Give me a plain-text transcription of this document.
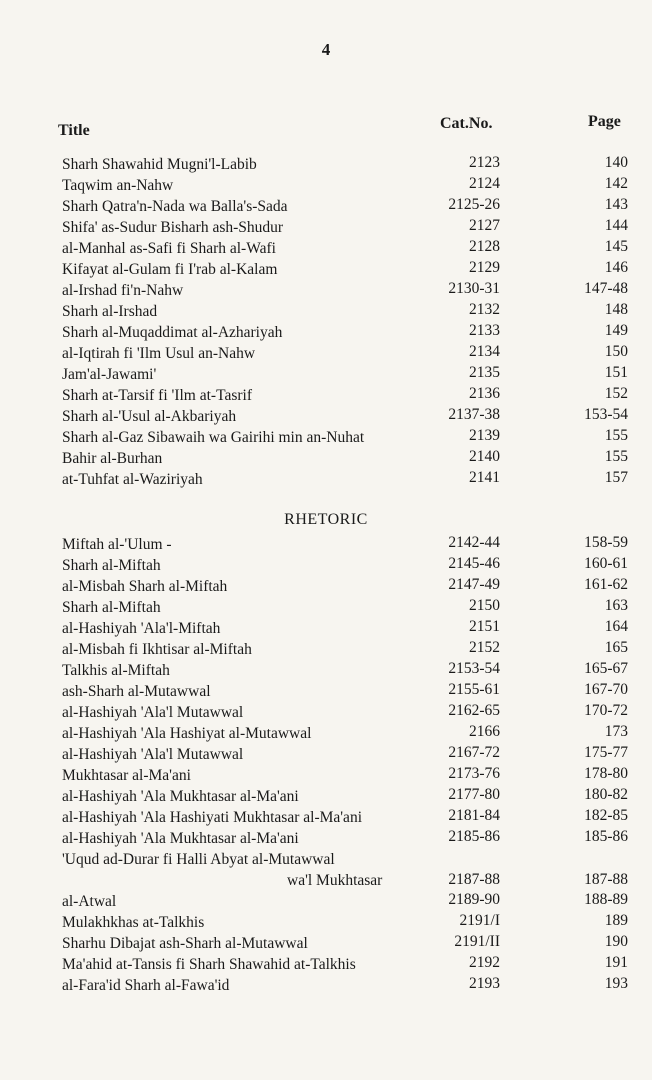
4
Title	Cat.No.	Page
Sharh Shawahid Mugni'l-Labib	2123	140
Taqwim an-Nahw	2124	142
Sharh Qatra'n-Nada wa Balla's-Sada	2125-26	143
Shifa' as-Sudur Bisharh ash-Shudur	2127	144
al-Manhal as-Safi fi Sharh al-Wafi	2128	145
Kifayat al-Gulam fi I'rab al-Kalam	2129	146
al-Irshad fi'n-Nahw	2130-31	147-48
Sharh al-Irshad	2132	148
Sharh al-Muqaddimat al-Azhariyah	2133	149
al-Iqtirah fi 'Ilm Usul an-Nahw	2134	150
Jam'al-Jawami'	2135	151
Sharh at-Tarsif fi 'Ilm at-Tasrif	2136	152
Sharh al-'Usul al-Akbariyah	2137-38	153-54
Sharh al-Gaz Sibawaih wa Gairihi min an-Nuhat	2139	155
Bahir al-Burhan	2140	155
at-Tuhfat al-Waziriyah	2141	157
RHETORIC
Miftah al-'Ulum -	2142-44	158-59
Sharh al-Miftah	2145-46	160-61
al-Misbah Sharh al-Miftah	2147-49	161-62
Sharh al-Miftah	2150	163
al-Hashiyah 'Ala'l-Miftah	2151	164
al-Misbah fi Ikhtisar al-Miftah	2152	165
Talkhis al-Miftah	2153-54	165-67
ash-Sharh al-Mutawwal	2155-61	167-70
al-Hashiyah 'Ala'l Mutawwal	2162-65	170-72
al-Hashiyah 'Ala Hashiyat al-Mutawwal	2166	173
al-Hashiyah 'Ala'l Mutawwal	2167-72	175-77
Mukhtasar al-Ma'ani	2173-76	178-80
al-Hashiyah 'Ala Mukhtasar al-Ma'ani	2177-80	180-82
al-Hashiyah 'Ala Hashiyati Mukhtasar al-Ma'ani	2181-84	182-85
al-Hashiyah 'Ala Mukhtasar al-Ma'ani	2185-86	185-86
'Uqud ad-Durar fi Halli Abyat al-Mutawwal
wa'l Mukhtasar	2187-88	187-88
al-Atwal	2189-90	188-89
Mulakhkhas at-Talkhis	2191/I	189
Sharhu Dibajat ash-Sharh al-Mutawwal	2191/II	190
Ma'ahid at-Tansis fi Sharh Shawahid at-Talkhis	2192	191
al-Fara'id Sharh al-Fawa'id	2193	193
